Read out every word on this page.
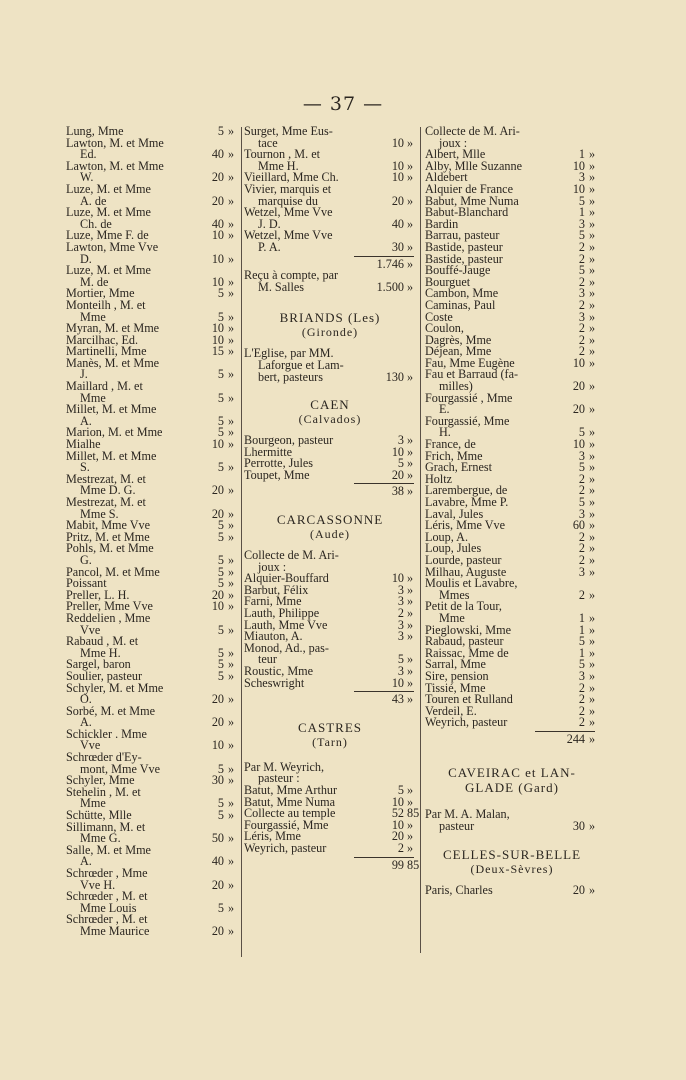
— 37 —
Lung, Mme	5 »
Lawton, M. et Mme
Ed.	40 »
Lawton, M. et Mme
W.	20 »
Luze, M. et Mme
A. de	20 »
Luze, M. et Mme
Ch. de	40 »
Luze, Mme F. de	10 »
Lawton, Mme Vve
D.	10 »
Luze, M. et Mme
M. de	10 »
Mortier, Mme	5 »
Monteilh , M. et
Mme	5 »
Myran, M. et Mme	10 »
Marcilhac, Ed.	10 »
Martinelli, Mme	15 »
Manès, M. et Mme
J.	5 »
Maillard , M. et
Mme	5 »
Millet, M. et Mme
A.	5 »
Marion, M. et Mme	5 »
Mialhe	10 »
Millet, M. et Mme
S.	5 »
Mestrezat, M. et
Mme D. G.	20 »
Mestrezat, M. et
Mme S.	20 »
Mabit, Mme Vve	5 »
Pritz, M. et Mme	5 »
Pohls, M. et Mme
G.	5 »
Pancol, M. et Mme	5 »
Poissant	5 »
Preller, L. H.	20 »
Preller, Mme Vve	10 »
Reddelien , Mme
Vve	5 »
Rabaud , M. et
Mme H.	5 »
Sargel, baron	5 »
Soulier, pasteur	5 »
Schyler, M. et Mme
O.	20 »
Sorbé, M. et Mme
A.	20 »
Schickler . Mme
Vve	10 »
Schrœder d'Ey-
mont, Mme Vve	5 »
Schyler, Mme	30 »
Stehelin , M. et
Mme	5 »
Schütte, Mlle	5 »
Sillimann, M. et
Mme G.	50 »
Salle, M. et Mme
A.	40 »
Schrœder , Mme
Vve H.	20 »
Schrœder , M. et
Mme Louis	5 »
Schrœder , M. et
Mme Maurice	20 »
Surget, Mme Eus-
tace	10 »
Tournon , M. et
Mme H.	10 »
Vieillard, Mme Ch.	10 »
Vivier, marquis et
marquise du	20 »
Wetzel, Mme Vve
J. D.	40 »
Wetzel, Mme Vve
P. A.	30 »
1.746 »
Reçu à compte, par
M. Salles	1.500 »
BRIANDS (Les)
(Gironde)
L'Eglise, par MM.
Laforgue et Lam-
bert, pasteurs	130 »
CAEN
(Calvados)
Bourgeon, pasteur	3 »
Lhermitte	10 »
Perrotte, Jules	5 »
Toupet, Mme	20 »
38 »
CARCASSONNE
(Aude)
Collecte de M. Ari-
joux :
Alquier-Bouffard	10 »
Barbut, Félix	3 »
Farni, Mme	3 »
Lauth, Philippe	2 »
Lauth, Mme Vve	3 »
Miauton, A.	3 »
Monod, Ad., pas-
teur	5 »
Roustic, Mme	3 »
Scheswright	10 »
43 »
CASTRES
(Tarn)
Par M. Weyrich,
pasteur :
Batut, Mme Arthur	5 »
Batut, Mme Numa	10 »
Collecte au temple	52 85
Fourgassié, Mme	10 »
Léris, Mme	20 »
Weyrich, pasteur	2 »
99 85
Collecte de M. Ari-
joux :
Albert, Mlle	1 »
Alby, Mlle Suzanne	10 »
Aldebert	3 »
Alquier de France	10 »
Babut, Mme Numa	5 »
Babut-Blanchard	1 »
Bardin	3 »
Barrau, pasteur	5 »
Bastide, pasteur	2 »
Bastide, pasteur	2 »
Bouffé-Jauge	5 »
Bourguet	2 »
Cambon, Mme	3 »
Caminas, Paul	2 »
Coste	3 »
Coulon,	2 »
Dagrès, Mme	2 »
Déjean, Mme	2 »
Fau, Mme Eugène	10 »
Fau et Barraud (fa-
milles)	20 »
Fourgassié , Mme
E.	20 »
Fourgassié, Mme
H.	5 »
France, de	10 »
Frich, Mme	3 »
Grach, Ernest	5 »
Holtz	2 »
Larembergue, de	2 »
Lavabre, Mme P.	5 »
Laval, Jules	3 »
Léris, Mme Vve	60 »
Loup, A.	2 »
Loup, Jules	2 »
Lourde, pasteur	2 »
Milhau, Auguste	3 »
Moulis et Lavabre,
Mmes	2 »
Petit de la Tour,
Mme	1 »
Pieglowski, Mme	1 »
Rabaud, pasteur	5 »
Raissac, Mme de	1 »
Sarral, Mme	5 »
Sire, pension	3 »
Tissié, Mme	2 »
Touren et Rulland	2 »
Verdeil, E.	2 »
Weyrich, pasteur	2 »
244 »
CAVEIRAC et LAN-
GLADE (Gard)
Par M. A. Malan,
pasteur	30 »
CELLES-SUR-BELLE
(Deux-Sèvres)
Paris, Charles	20 »
